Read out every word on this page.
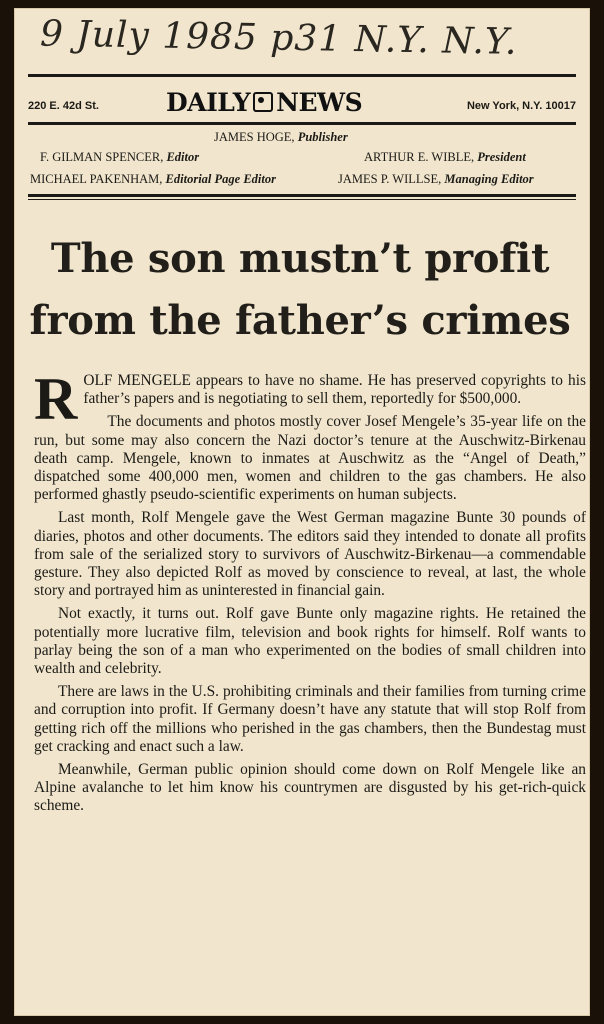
9 July 1985 p31 N.Y. N.Y.
220 E. 42d St.	DAILY NEWS	New York, N.Y. 10017
JAMES HOGE, Publisher
F. GILMAN SPENCER, Editor	ARTHUR E. WIBLE, President
MICHAEL PAKENHAM, Editorial Page Editor	JAMES P. WILLSE, Managing Editor
The son mustn’t profit
from the father’s crimes

ROLF MENGELE appears to have no shame. He has preserved copyrights to his father’s papers and is negotiating to sell them, reportedly for $500,000.

The documents and photos mostly cover Josef Mengele’s 35-year life on the run, but some may also concern the Nazi doctor’s tenure at the Auschwitz-Birkenau death camp. Mengele, known to inmates at Auschwitz as the “Angel of Death,” dispatched some 400,000 men, women and children to the gas chambers. He also performed ghastly pseudo-scientific experiments on human subjects.

Last month, Rolf Mengele gave the West German magazine Bunte 30 pounds of diaries, photos and other documents. The editors said they intended to donate all profits from sale of the serialized story to survivors of Auschwitz-Birkenau—a commendable gesture. They also depicted Rolf as moved by conscience to reveal, at last, the whole story and portrayed him as uninterested in financial gain.

Not exactly, it turns out. Rolf gave Bunte only magazine rights. He retained the potentially more lucrative film, television and book rights for himself. Rolf wants to parlay being the son of a man who experimented on the bodies of small children into wealth and celebrity.

There are laws in the U.S. prohibiting criminals and their families from turning crime and corruption into profit. If Germany doesn’t have any statute that will stop Rolf from getting rich off the millions who perished in the gas chambers, then the Bundestag must get cracking and enact such a law.

Meanwhile, German public opinion should come down on Rolf Mengele like an Alpine avalanche to let him know his countrymen are disgusted by his get-rich-quick scheme.
